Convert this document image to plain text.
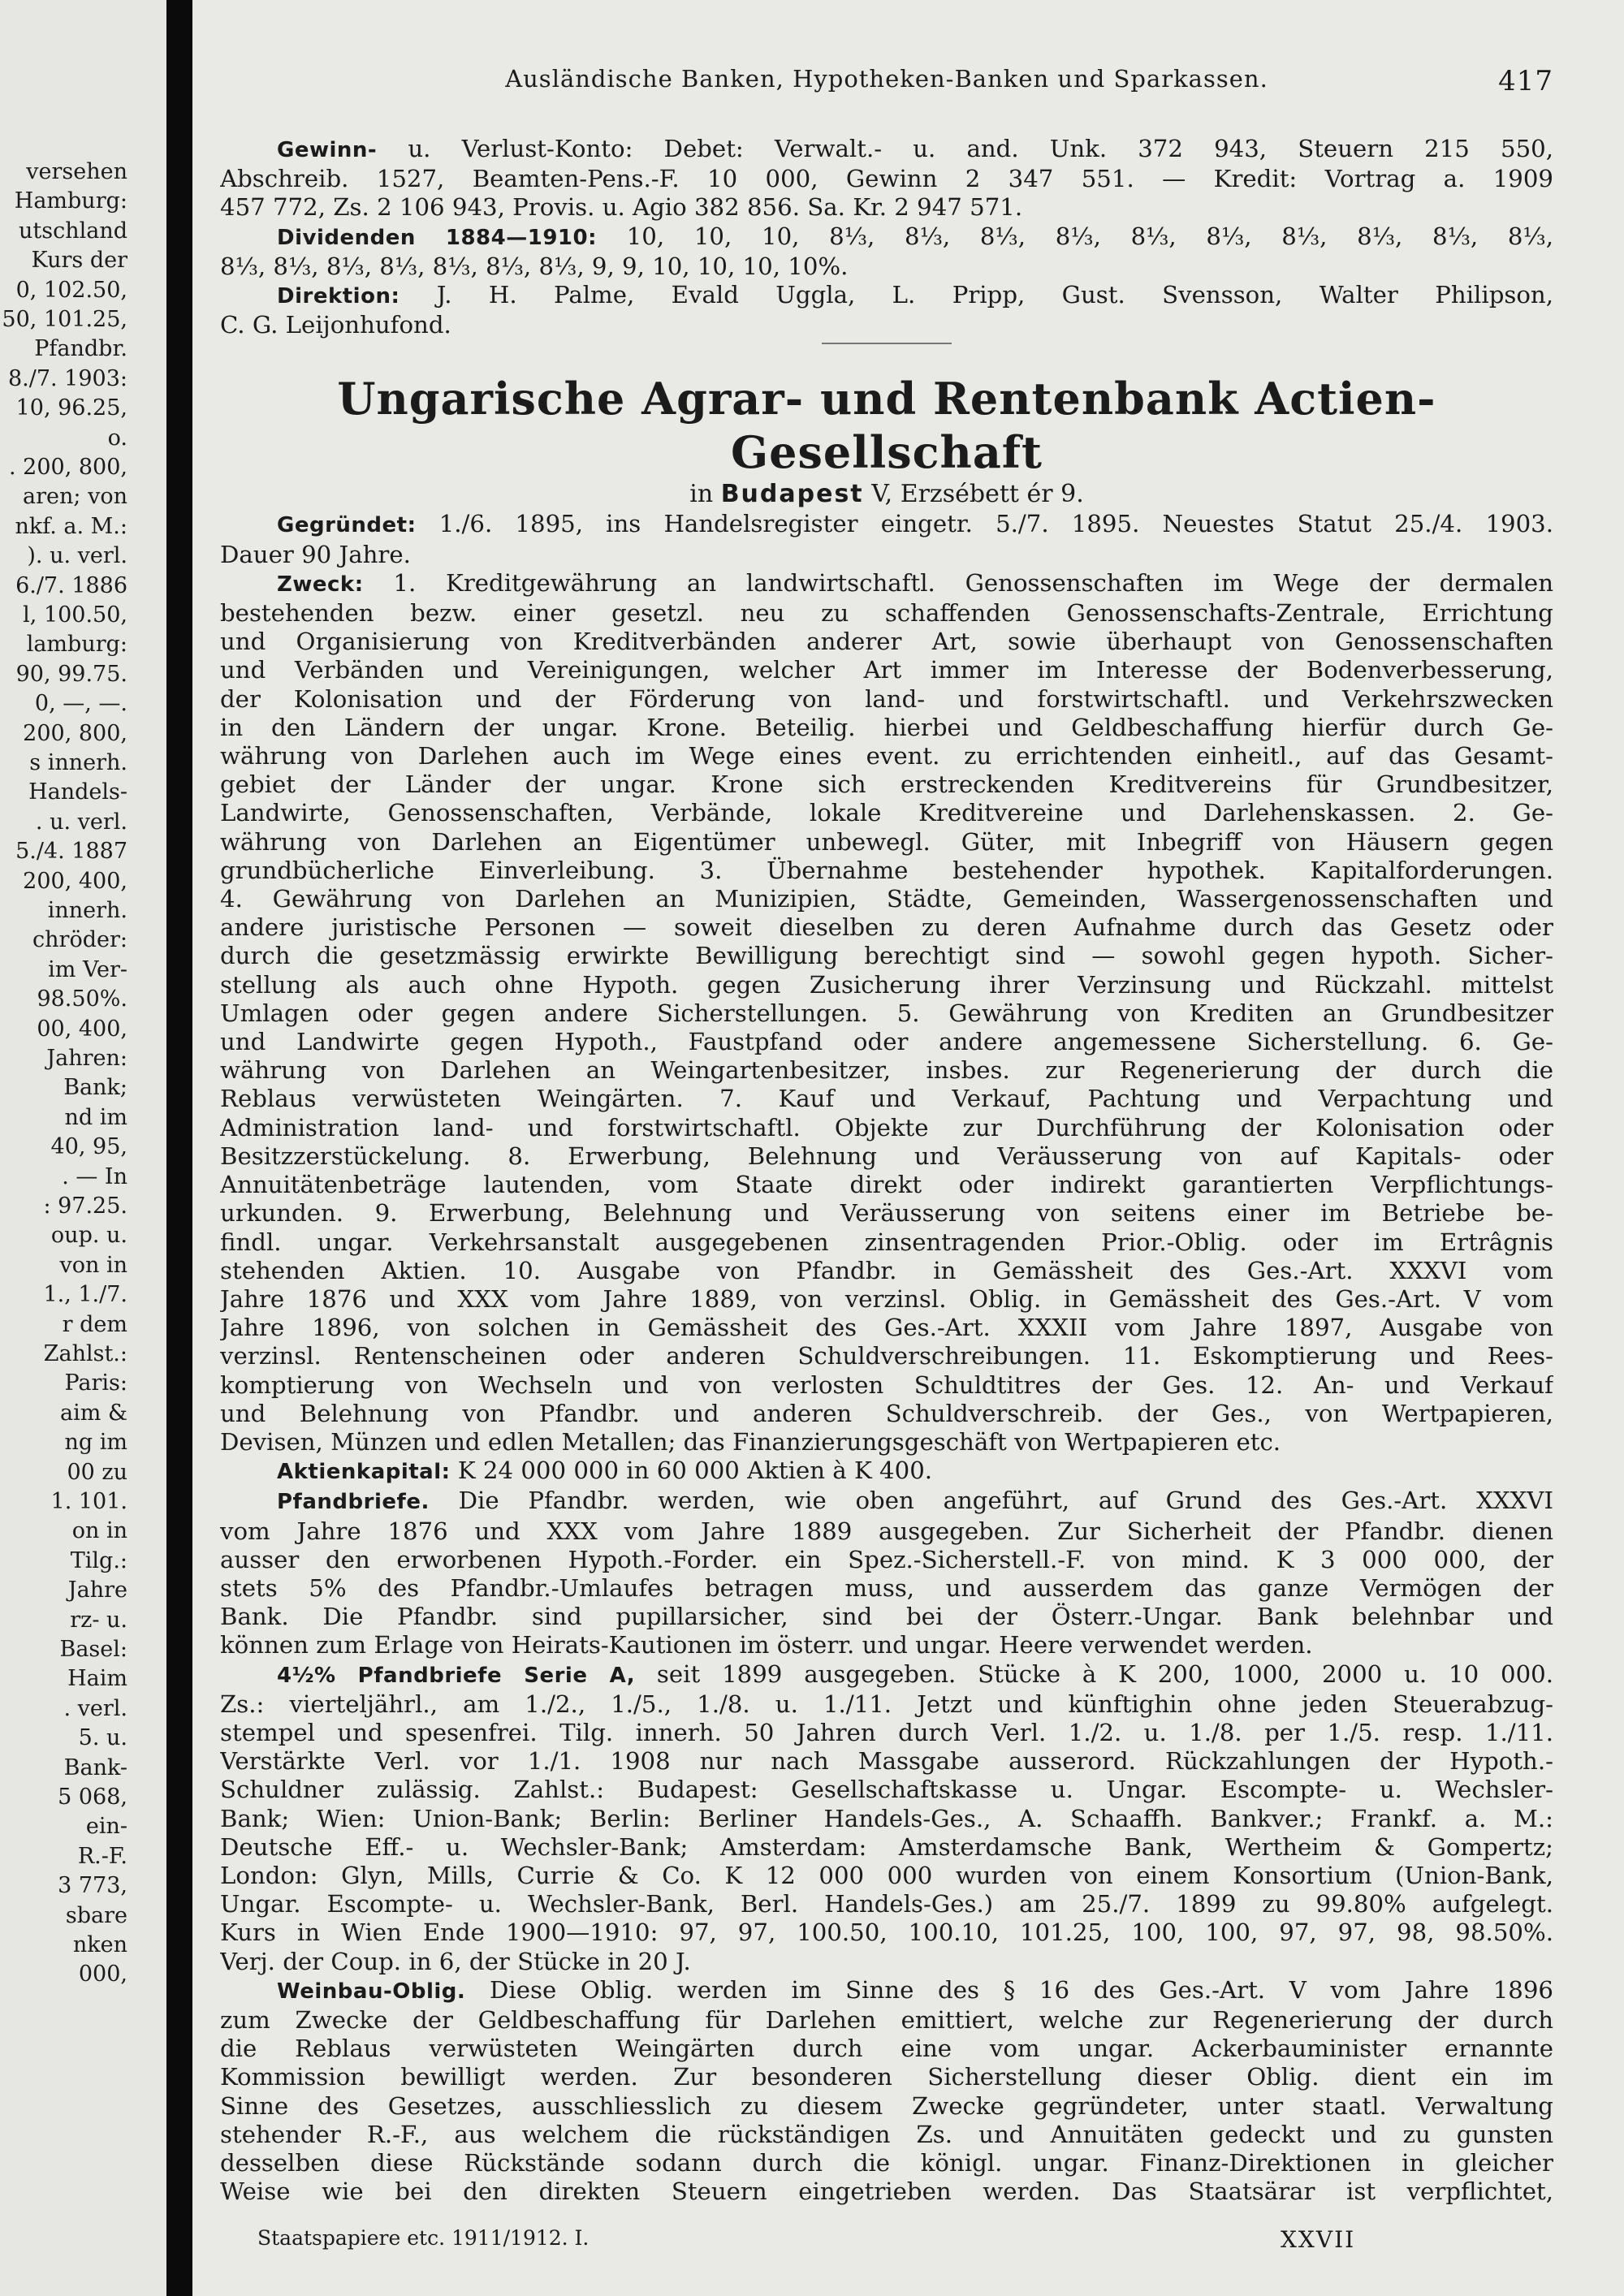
versehen
Hamburg:
utschland
Kurs der
0, 102.50,
50, 101.25,
Pfandbr.
8./7. 1903:
10, 96.25,
o.
. 200, 800,
aren; von
nkf. a. M.:
). u. verl.
6./7. 1886
l, 100.50,
lamburg:
90, 99.75.
0, —, —.
200, 800,
s innerh.
Handels-
. u. verl.
5./4. 1887
200, 400,
innerh.
chröder:
im Ver-
98.50%.
00, 400,
Jahren:
Bank;
nd im
40, 95,
. — In
: 97.25.
oup. u.
von in
1., 1./7.
r dem
Zahlst.:
Paris:
aim &
ng im
00 zu
1. 101.
on in
Tilg.:
Jahre
rz- u.
Basel:
Haim
. verl.
5. u.
Bank-
5 068,
ein-
R.-F.
3 773,
sbare
nken
000,
Ausländische Banken, Hypotheken-Banken und Sparkassen.	417
Gewinn- u. Verlust-Konto: Debet: Verwalt.- u. and. Unk. 372 943, Steuern 215 550,
Abschreib. 1527, Beamten-Pens.-F. 10 000, Gewinn 2 347 551. — Kredit: Vortrag a. 1909
457 772, Zs. 2 106 943, Provis. u. Agio 382 856. Sa. Kr. 2 947 571.
Dividenden 1884—1910: 10, 10, 10, 8⅓, 8⅓, 8⅓, 8⅓, 8⅓, 8⅓, 8⅓, 8⅓, 8⅓, 8⅓,
8⅓, 8⅓, 8⅓, 8⅓, 8⅓, 8⅓, 8⅓, 9, 9, 10, 10, 10, 10%.
Direktion: J. H. Palme, Evald Uggla, L. Pripp, Gust. Svensson, Walter Philipson,
C. G. Leijonhufond.
Ungarische Agrar- und Rentenbank Actien-Gesellschaft
in Budapest V, Erzsébett ér 9.
Gegründet: 1./6. 1895, ins Handelsregister eingetr. 5./7. 1895. Neuestes Statut 25./4. 1903.
Dauer 90 Jahre.
Zweck: 1. Kreditgewährung an landwirtschaftl. Genossenschaften im Wege der dermalen
bestehenden bezw. einer gesetzl. neu zu schaffenden Genossenschafts-Zentrale, Errichtung
und Organisierung von Kreditverbänden anderer Art, sowie überhaupt von Genossenschaften
und Verbänden und Vereinigungen, welcher Art immer im Interesse der Bodenverbesserung,
der Kolonisation und der Förderung von land- und forstwirtschaftl. und Verkehrszwecken
in den Ländern der ungar. Krone. Beteilig. hierbei und Geldbeschaffung hierfür durch Ge-
währung von Darlehen auch im Wege eines event. zu errichtenden einheitl., auf das Gesamt-
gebiet der Länder der ungar. Krone sich erstreckenden Kreditvereins für Grundbesitzer,
Landwirte, Genossenschaften, Verbände, lokale Kreditvereine und Darlehenskassen. 2. Ge-
währung von Darlehen an Eigentümer unbewegl. Güter, mit Inbegriff von Häusern gegen
grundbücherliche Einverleibung. 3. Übernahme bestehender hypothek. Kapitalforderungen.
4. Gewährung von Darlehen an Munizipien, Städte, Gemeinden, Wassergenossenschaften und
andere juristische Personen — soweit dieselben zu deren Aufnahme durch das Gesetz oder
durch die gesetzmässig erwirkte Bewilligung berechtigt sind — sowohl gegen hypoth. Sicher-
stellung als auch ohne Hypoth. gegen Zusicherung ihrer Verzinsung und Rückzahl. mittelst
Umlagen oder gegen andere Sicherstellungen. 5. Gewährung von Krediten an Grundbesitzer
und Landwirte gegen Hypoth., Faustpfand oder andere angemessene Sicherstellung. 6. Ge-
währung von Darlehen an Weingartenbesitzer, insbes. zur Regenerierung der durch die
Reblaus verwüsteten Weingärten. 7. Kauf und Verkauf, Pachtung und Verpachtung und
Administration land- und forstwirtschaftl. Objekte zur Durchführung der Kolonisation oder
Besitzzerstückelung. 8. Erwerbung, Belehnung und Veräusserung von auf Kapitals- oder
Annuitätenbeträge lautenden, vom Staate direkt oder indirekt garantierten Verpflichtungs-
urkunden. 9. Erwerbung, Belehnung und Veräusserung von seitens einer im Betriebe be-
findl. ungar. Verkehrsanstalt ausgegebenen zinsentragenden Prior.-Oblig. oder im Ertrâgnis
stehenden Aktien. 10. Ausgabe von Pfandbr. in Gemässheit des Ges.-Art. XXXVI vom
Jahre 1876 und XXX vom Jahre 1889, von verzinsl. Oblig. in Gemässheit des Ges.-Art. V vom
Jahre 1896, von solchen in Gemässheit des Ges.-Art. XXXII vom Jahre 1897, Ausgabe von
verzinsl. Rentenscheinen oder anderen Schuldverschreibungen. 11. Eskomptierung und Rees-
komptierung von Wechseln und von verlosten Schuldtitres der Ges. 12. An- und Verkauf
und Belehnung von Pfandbr. und anderen Schuldverschreib. der Ges., von Wertpapieren,
Devisen, Münzen und edlen Metallen; das Finanzierungsgeschäft von Wertpapieren etc.
Aktienkapital: K 24 000 000 in 60 000 Aktien à K 400.
Pfandbriefe. Die Pfandbr. werden, wie oben angeführt, auf Grund des Ges.-Art. XXXVI
vom Jahre 1876 und XXX vom Jahre 1889 ausgegeben. Zur Sicherheit der Pfandbr. dienen
ausser den erworbenen Hypoth.-Forder. ein Spez.-Sicherstell.-F. von mind. K 3 000 000, der
stets 5% des Pfandbr.-Umlaufes betragen muss, und ausserdem das ganze Vermögen der
Bank. Die Pfandbr. sind pupillarsicher, sind bei der Österr.-Ungar. Bank belehnbar und
können zum Erlage von Heirats-Kautionen im österr. und ungar. Heere verwendet werden.
4½% Pfandbriefe Serie A, seit 1899 ausgegeben. Stücke à K 200, 1000, 2000 u. 10 000.
Zs.: vierteljährl., am 1./2., 1./5., 1./8. u. 1./11. Jetzt und künftighin ohne jeden Steuerabzug-
stempel und spesenfrei. Tilg. innerh. 50 Jahren durch Verl. 1./2. u. 1./8. per 1./5. resp. 1./11.
Verstärkte Verl. vor 1./1. 1908 nur nach Massgabe ausserord. Rückzahlungen der Hypoth.-
Schuldner zulässig. Zahlst.: Budapest: Gesellschaftskasse u. Ungar. Escompte- u. Wechsler-
Bank; Wien: Union-Bank; Berlin: Berliner Handels-Ges., A. Schaaffh. Bankver.; Frankf. a. M.:
Deutsche Eff.- u. Wechsler-Bank; Amsterdam: Amsterdamsche Bank, Wertheim & Gompertz;
London: Glyn, Mills, Currie & Co. K 12 000 000 wurden von einem Konsortium (Union-Bank,
Ungar. Escompte- u. Wechsler-Bank, Berl. Handels-Ges.) am 25./7. 1899 zu 99.80% aufgelegt.
Kurs in Wien Ende 1900—1910: 97, 97, 100.50, 100.10, 101.25, 100, 100, 97, 97, 98, 98.50%.
Verj. der Coup. in 6, der Stücke in 20 J.
Weinbau-Oblig. Diese Oblig. werden im Sinne des § 16 des Ges.-Art. V vom Jahre 1896
zum Zwecke der Geldbeschaffung für Darlehen emittiert, welche zur Regenerierung der durch
die Reblaus verwüsteten Weingärten durch eine vom ungar. Ackerbauminister ernannte
Kommission bewilligt werden. Zur besonderen Sicherstellung dieser Oblig. dient ein im
Sinne des Gesetzes, ausschliesslich zu diesem Zwecke gegründeter, unter staatl. Verwaltung
stehender R.-F., aus welchem die rückständigen Zs. und Annuitäten gedeckt und zu gunsten
desselben diese Rückstände sodann durch die königl. ungar. Finanz-Direktionen in gleicher
Weise wie bei den direkten Steuern eingetrieben werden. Das Staatsärar ist verpflichtet,
Staatspapiere etc. 1911/1912. I.	XXVII
